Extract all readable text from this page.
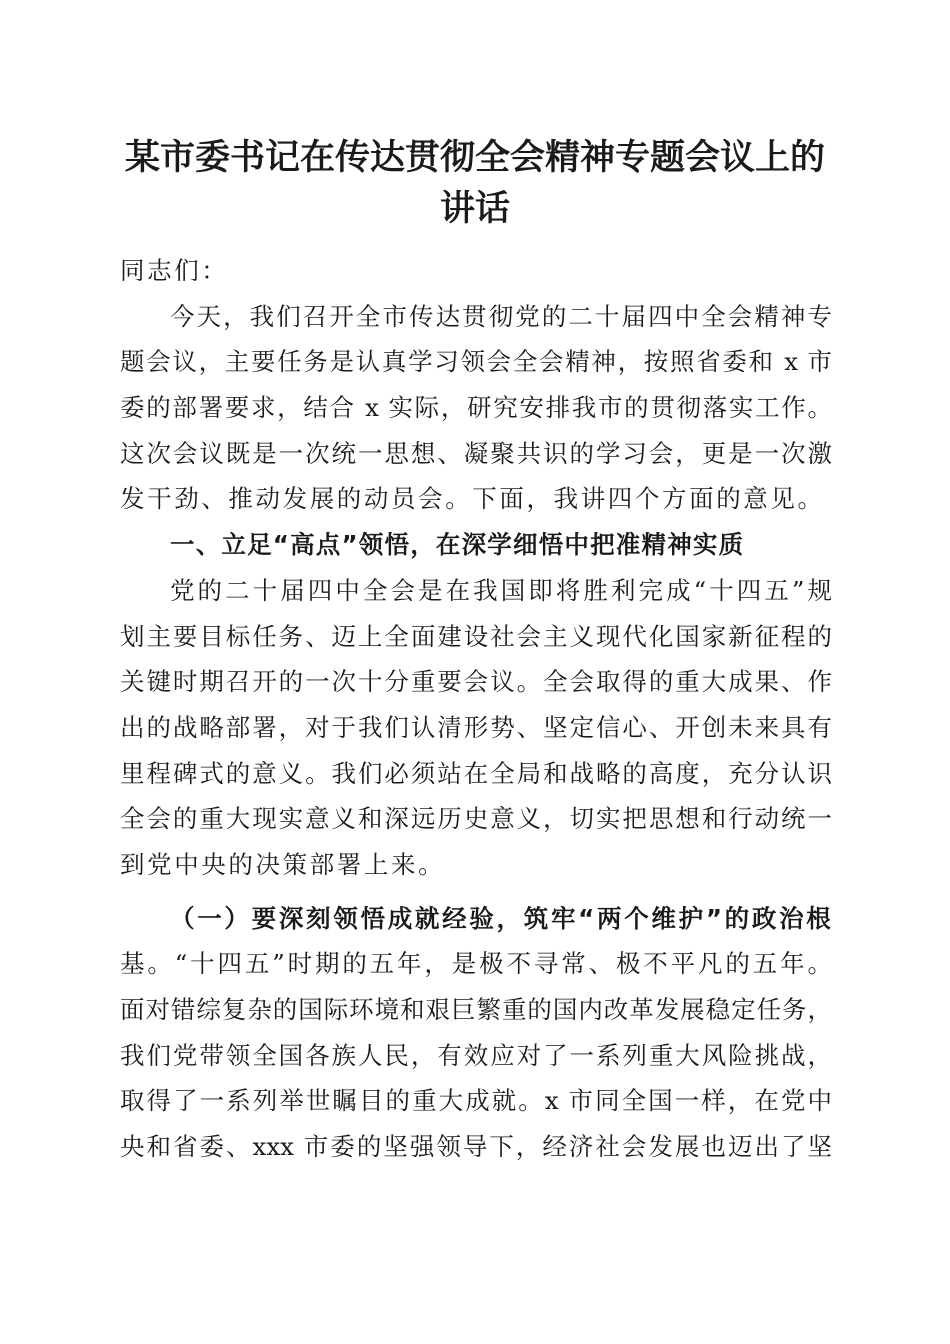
某市委书记在传达贯彻全会精神专题会议上的
讲话
同志们：
今天，我们召开全市传达贯彻党的二十届四中全会精神专
题会议，主要任务是认真学习领会全会精神，按照省委和 x 市
委的部署要求，结合 x 实际，研究安排我市的贯彻落实工作。
这次会议既是一次统一思想、凝聚共识的学习会，更是一次激
发干劲、推动发展的动员会。下面，我讲四个方面的意见。
一、立足“高点”领悟，在深学细悟中把准精神实质
党的二十届四中全会是在我国即将胜利完成“十四五”规
划主要目标任务、迈上全面建设社会主义现代化国家新征程的
关键时期召开的一次十分重要会议。全会取得的重大成果、作
出的战略部署，对于我们认清形势、坚定信心、开创未来具有
里程碑式的意义。我们必须站在全局和战略的高度，充分认识
全会的重大现实意义和深远历史意义，切实把思想和行动统一
到党中央的决策部署上来。
（一）要深刻领悟成就经验，筑牢“两个维护”的政治根
基。“十四五”时期的五年，是极不寻常、极不平凡的五年。
面对错综复杂的国际环境和艰巨繁重的国内改革发展稳定任务，
我们党带领全国各族人民，有效应对了一系列重大风险挑战，
取得了一系列举世瞩目的重大成就。x 市同全国一样，在党中
央和省委、xxx 市委的坚强领导下，经济社会发展也迈出了坚
